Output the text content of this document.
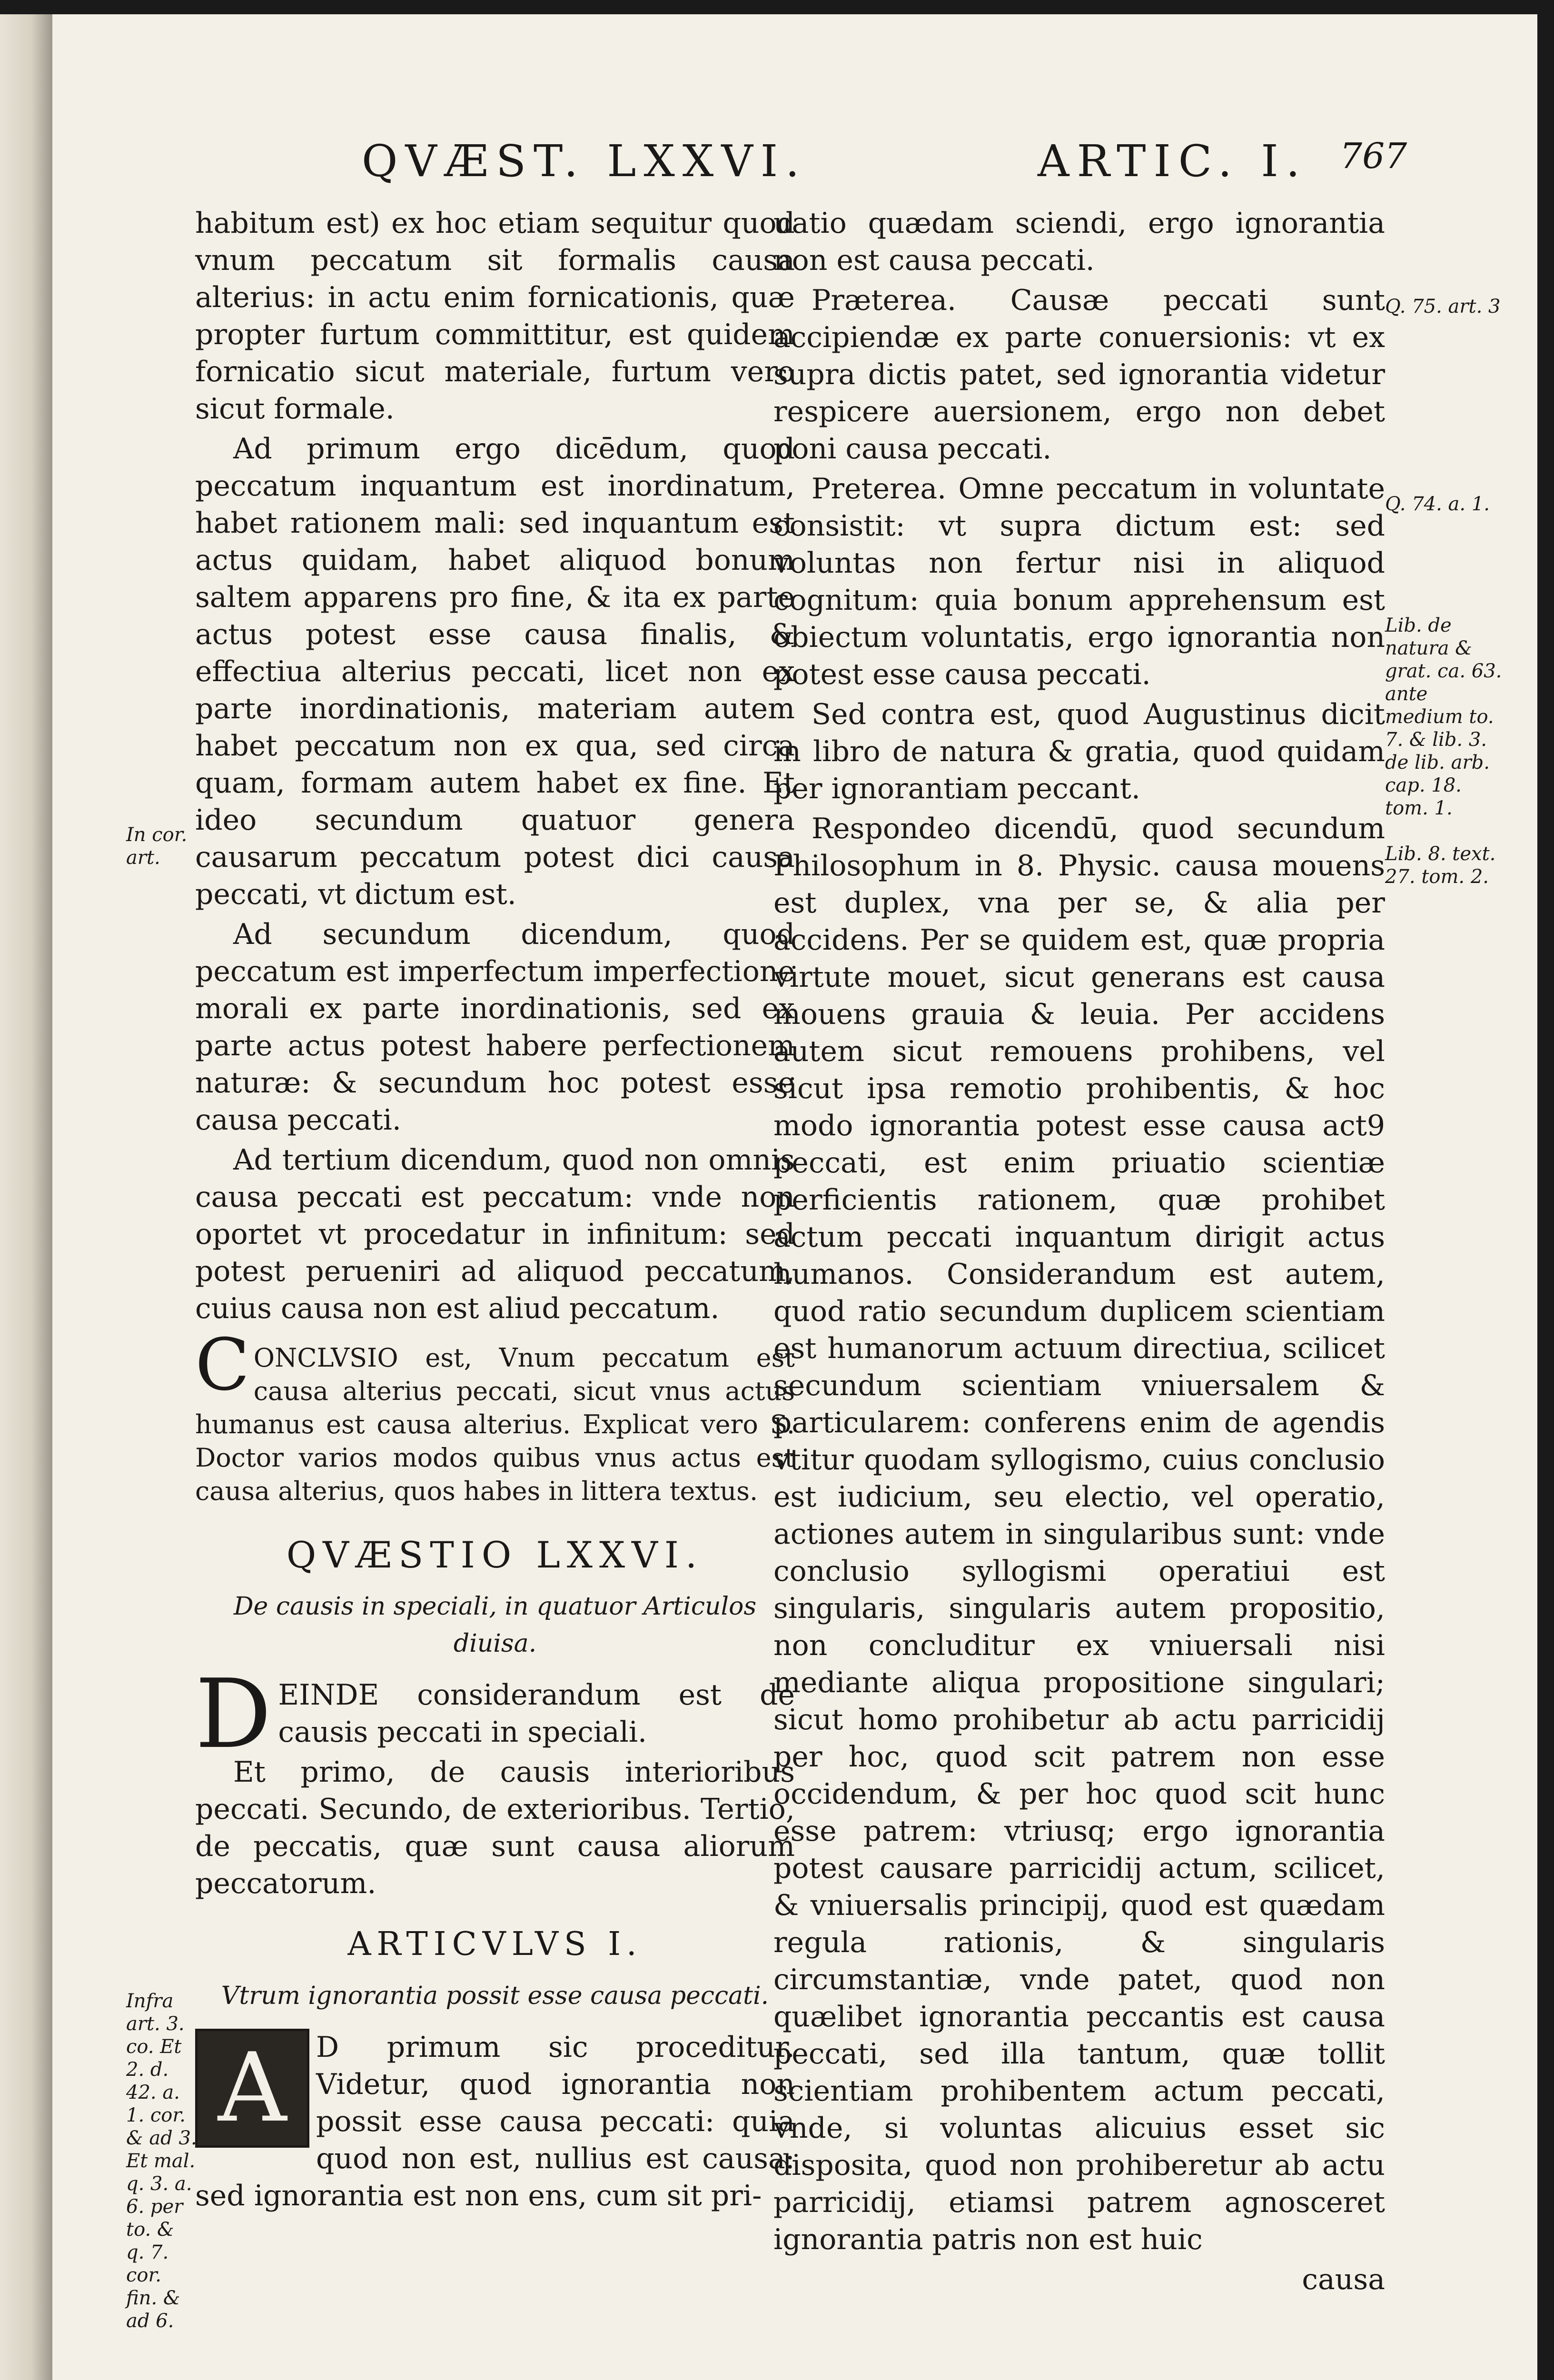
QVÆST. LXXVI.	ARTIC. I. 767

habitum est) ex hoc etiam sequitur quod vnum peccatum sit formalis causa alterius: in actu enim fornicationis, quæ propter furtum committitur, est quidem fornicatio sicut materiale, furtum vero sicut formale.

Ad primum ergo dicēdum, quod peccatum inquantum est inordinatum, habet rationem mali: sed inquantum est actus quidam, habet aliquod bonum saltem apparens pro fine, & ita ex parte actus potest esse causa finalis, & effectiua alterius peccati, licet non ex parte inordinationis, materiam autem habet peccatum non ex qua, sed circa quam, formam autem habet ex fine. Et ideo secundum quatuor genera causarum peccatum potest dici causa peccati, vt dictum est.

Ad secundum dicendum, quod peccatum est imperfectum imperfectione morali ex parte inordinationis, sed ex parte actus potest habere perfectionem naturæ: & secundum hoc potest esse causa peccati.

Ad tertium dicendum, quod non omnis causa peccati est peccatum: vnde non oportet vt procedatur in infinitum: sed potest perueniri ad aliquod peccatum, cuius causa non est aliud peccatum.

CONCLVSIO est, Vnum peccatum est causa alterius peccati, sicut vnus actus humanus est causa alterius. Explicat vero S. Doctor varios modos quibus vnus actus est causa alterius, quos habes in littera textus.

QVÆSTIO LXXVI.

De causis in speciali, in quatuor Articulos diuisa.

DEINDE considerandum est de causis peccati in speciali.

Et primo, de causis interioribus peccati. Secundo, de exterioribus. Tertio, de peccatis, quæ sunt causa aliorum peccatorum.

ARTICVLVS I.

Vtrum ignorantia possit esse causa peccati.

A	D primum sic proceditur. Videtur, quod ignorantia non possit esse causa peccati: quia quod non est, nullius est causa: sed ignorantia est non ens, cum sit pri-

uatio quædam sciendi, ergo ignorantia non est causa peccati.

Præterea. Causæ peccati sunt accipiendæ ex parte conuersionis: vt ex supra dictis patet, sed ignorantia videtur respicere auersionem, ergo non debet poni causa peccati.

Preterea. Omne peccatum in voluntate consistit: vt supra dictum est: sed voluntas non fertur nisi in aliquod cognitum: quia bonum apprehensum est obiectum voluntatis, ergo ignorantia non potest esse causa peccati.

Sed contra est, quod Augustinus dicit in libro de natura & gratia, quod quidam per ignorantiam peccant.

Respondeo dicendū, quod secundum Philosophum in 8. Physic. causa mouens est duplex, vna per se, & alia per accidens. Per se quidem est, quæ propria virtute mouet, sicut generans est causa mouens grauia & leuia. Per accidens autem sicut remouens prohibens, vel sicut ipsa remotio prohibentis, & hoc modo ignorantia potest esse causa act9 peccati, est enim priuatio scientiæ perficientis rationem, quæ prohibet actum peccati inquantum dirigit actus humanos. Considerandum est autem, quod ratio secundum duplicem scientiam est humanorum actuum directiua, scilicet secundum scientiam vniuersalem & particularem: conferens enim de agendis vtitur quodam syllogismo, cuius conclusio est iudicium, seu electio, vel operatio, actiones autem in singularibus sunt: vnde conclusio syllogismi operatiui est singularis, singularis autem propositio, non concluditur ex vniuersali nisi mediante aliqua propositione singulari; sicut homo prohibetur ab actu parricidij per hoc, quod scit patrem non esse occidendum, & per hoc quod scit hunc esse patrem: vtriusq; ergo ignorantia potest causare parricidij actum, scilicet, & vniuersalis principij, quod est quædam regula rationis, & singularis circumstantiæ, vnde patet, quod non quælibet ignorantia peccantis est causa peccati, sed illa tantum, quæ tollit scientiam prohibentem actum peccati, vnde, si voluntas alicuius esset sic disposita, quod non prohiberetur ab actu parricidij, etiamsi patrem agnosceret ignorantia patris non est huic

causa

In cor. art.
Infra art. 3. co. Et 2. d. 42. a. 1. cor. & ad 3. Et mal. q. 3. a. 6. per to. & q. 7. cor. fin. & ad 6.
Q. 75. art. 3
Q. 74. a. 1.
Lib. de natura & grat. ca. 63. ante medium to. 7. & lib. 3. de lib. arb. cap. 18. tom. 1.
Lib. 8. text. 27. tom. 2.
